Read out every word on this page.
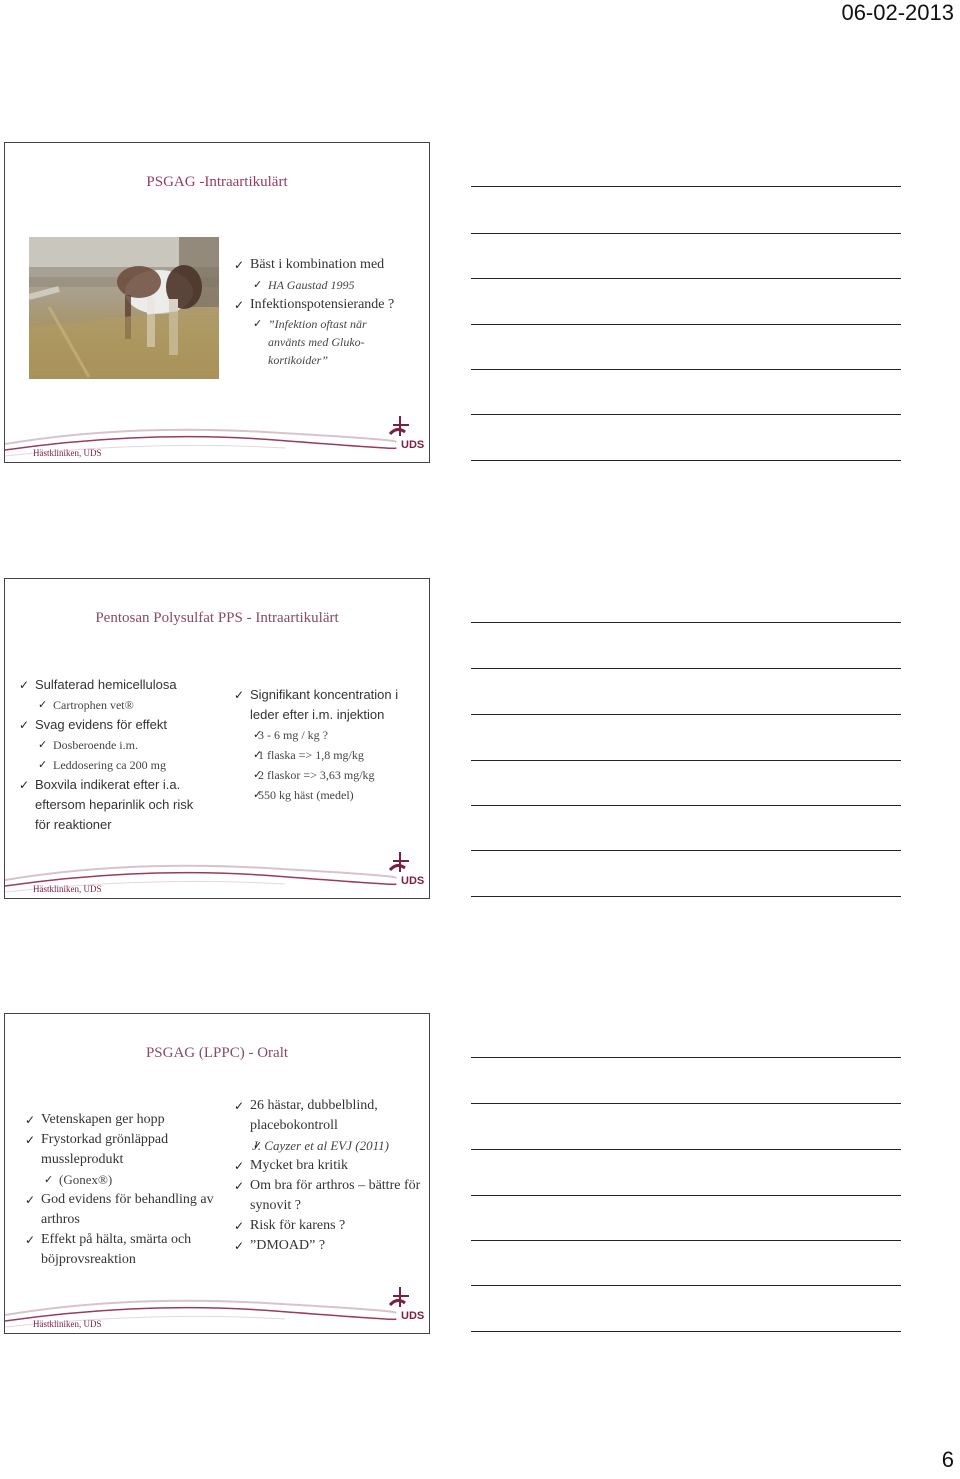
06-02-2013
PSGAG -Intraartikulärt
✓ Bäst i kombination med
✓ HA Gaustad 1995
✓ Infektionspotensierande ?
✓ ”Infektion oftast när använts med Gluko-kortikoider”
Hästkliniken, UDS
UDS
Pentosan Polysulfat PPS - Intraartikulärt
✓ Sulfaterad hemicellulosa
✓ Cartrophen vet®
✓ Svag evidens för effekt
✓ Dosberoende i.m.
✓ Leddosering ca 200 mg
✓ Boxvila indikerat efter i.a. eftersom heparinlik och risk för reaktioner
✓ Signifikant koncentration i leder efter i.m. injektion
✓ 3 - 6 mg / kg ?
✓ 1 flaska => 1,8 mg/kg
✓ 2 flaskor => 3,63 mg/kg
✓ 550 kg häst (medel)
Hästkliniken, UDS
UDS
PSGAG (LPPC) - Oralt
✓ Vetenskapen ger hopp
✓ Frystorkad grönläppad mussleprodukt
✓ (Gonex®)
✓ God evidens för behandling av arthros
✓ Effekt på hälta, smärta och böjprovsreaktion
✓ 26 hästar, dubbelblind, placebokontroll
✓ J. Cayzer et al EVJ (2011)
✓ Mycket bra kritik
✓ Om bra för arthros – bättre för synovit ?
✓ Risk för karens ?
✓ ”DMOAD” ?
Hästkliniken, UDS
UDS
6
